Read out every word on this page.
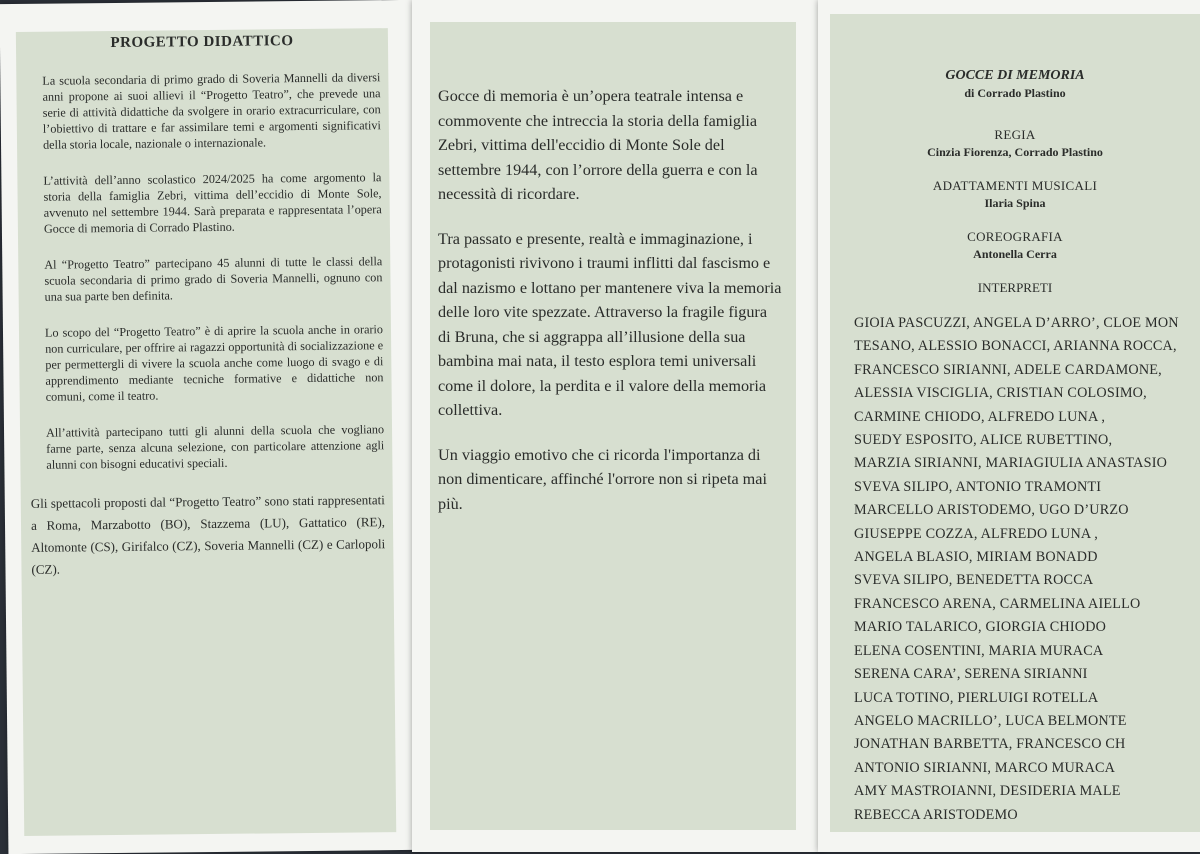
PROGETTO DIDATTICO

La scuola secondaria di primo grado di Soveria Mannelli da diversi anni propone ai suoi allievi il “Progetto Teatro”, che prevede una serie di attività didattiche da svolgere in orario extracurriculare, con l’obiettivo di trattare e far assimilare temi e argomenti significativi della storia locale, nazionale o internazionale.

L’attività dell’anno scolastico 2024/2025 ha come argomento la storia della famiglia Zebri, vittima dell’eccidio di Monte Sole, avvenuto nel settembre 1944. Sarà preparata e rappresentata l’opera Gocce di memoria di Corrado Plastino.

Al “Progetto Teatro” partecipano 45 alunni di tutte le classi della scuola secondaria di primo grado di Soveria Mannelli, ognuno con una sua parte ben definita.

Lo scopo del “Progetto Teatro” è di aprire la scuola anche in orario non curriculare, per offrire ai ragazzi opportunità di socializzazione e per permettergli di vivere la scuola anche come luogo di svago e di apprendimento mediante tecniche formative e didattiche non comuni, come il teatro.

All’attività partecipano tutti gli alunni della scuola che vogliano farne parte, senza alcuna selezione, con particolare attenzione agli alunni con bisogni educativi speciali.

Gli spettacoli proposti dal “Progetto Teatro” sono stati rappresentati a Roma, Marzabotto (BO), Stazzema (LU), Gattatico (RE), Altomonte (CS), Girifalco (CZ), Soveria Mannelli (CZ) e Carlopoli (CZ).

Gocce di memoria è un’opera teatrale intensa e commovente che intreccia la storia della famiglia Zebri, vittima dell'eccidio di Monte Sole del settembre 1944, con l’orrore della guerra e con la necessità di ricordare.

Tra passato e presente, realtà e immaginazione, i protagonisti rivivono i traumi inflitti dal fascismo e dal nazismo e lottano per mantenere viva la memoria delle loro vite spezzate. Attraverso la fragile figura di Bruna, che si aggrappa all’illusione della sua bambina mai nata, il testo esplora temi universali come il dolore, la perdita e il valore della memoria collettiva.

Un viaggio emotivo che ci ricorda l'importanza di non dimenticare, affinché l'orrore non si ripeta mai più.

GOCCE DI MEMORIA

di Corrado Plastino

REGIA

Cinzia Fiorenza, Corrado Plastino

ADATTAMENTI MUSICALI

Ilaria Spina

COREOGRAFIA

Antonella Cerra

INTERPRETI

GIOIA PASCUZZI, ANGELA D’ARRO’, CLOE MON
TESANO, ALESSIO BONACCI, ARIANNA ROCCA,
FRANCESCO SIRIANNI, ADELE CARDAMONE,
ALESSIA VISCIGLIA, CRISTIAN COLOSIMO,
CARMINE CHIODO, ALFREDO LUNA ,
SUEDY ESPOSITO, ALICE RUBETTINO,
MARZIA SIRIANNI, MARIAGIULIA ANASTASIO
SVEVA SILIPO, ANTONIO TRAMONTI
MARCELLO ARISTODEMO, UGO D’URZO
GIUSEPPE COZZA, ALFREDO LUNA ,
ANGELA BLASIO, MIRIAM BONADD
SVEVA SILIPO, BENEDETTA ROCCA
FRANCESCO ARENA, CARMELINA AIELLO
MARIO TALARICO, GIORGIA CHIODO
ELENA COSENTINI, MARIA MURACA
SERENA CARA’, SERENA SIRIANNI
LUCA TOTINO, PIERLUIGI ROTELLA
ANGELO MACRILLO’, LUCA BELMONTE
JONATHAN BARBETTA, FRANCESCO CH
ANTONIO SIRIANNI, MARCO MURACA
AMY MASTROIANNI, DESIDERIA MALE
REBECCA ARISTODEMO
